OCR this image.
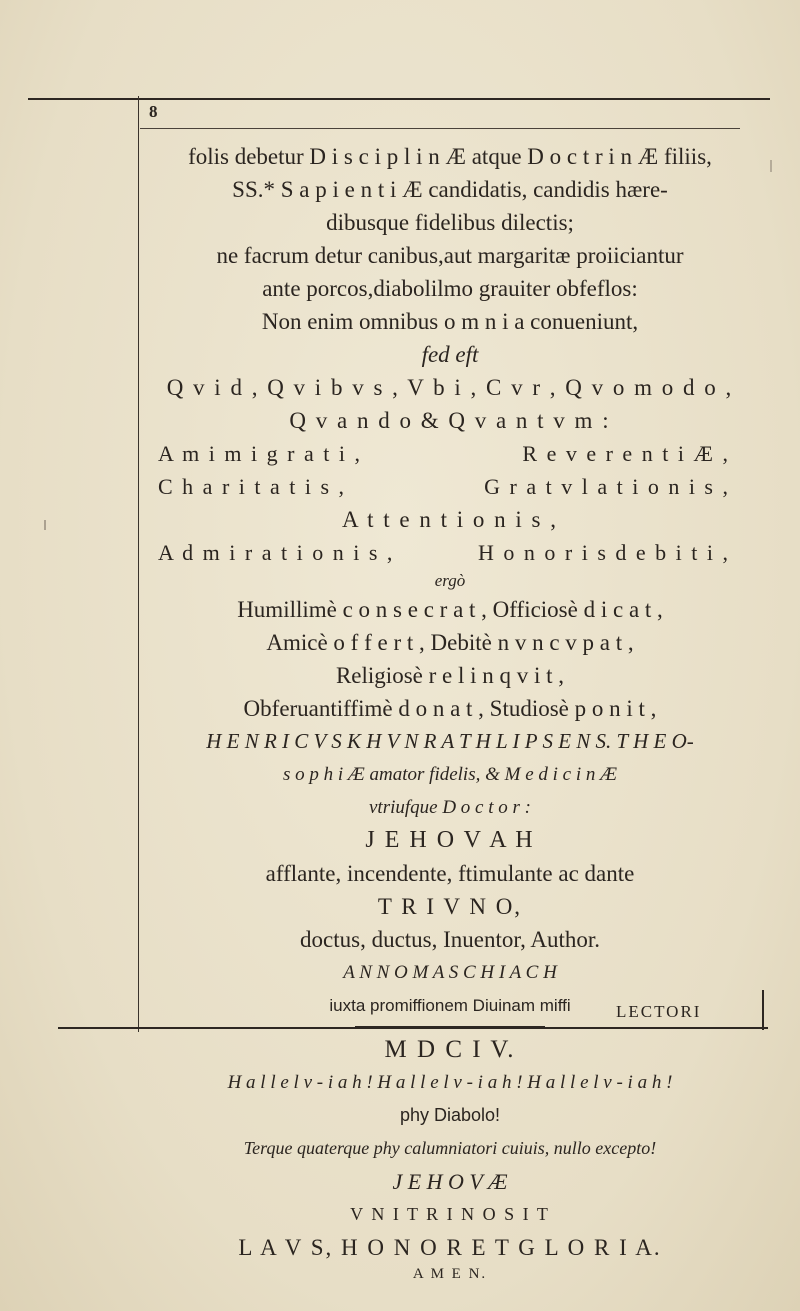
8
folis debetur D i s c i p l i n Æ atque D o c t r i n Æ filiis,
SS.* S a p i e n t i Æ candidatis, candidis hære-
dibusque fidelibus dilectis;
ne facrum detur canibus,aut margaritæ proiiciantur
ante porcos,diabolilmo grauiter obfeflos:
Non enim omnibus o m n i a conueniunt,
fed eft
Q v i d , Q v i b v s , V b i , C v r , Q v o m o d o ,
Q v a n d o & Q v a n t v m :
A m i m i g r a t i ,	R e v e r e n t i Æ ,
C h a r i t a t i s ,	G r a t v l a t i o n i s ,
A t t e n t i o n i s ,
A d m i r a t i o n i s ,	H o n o r i s d e b i t i ,
ergò
Humillimè c o n s e c r a t , Officiosè d i c a t ,
Amicè o f f e r t , Debitè n v n c v p a t ,
Religiosè r e l i n q v i t ,
Obferuantiffimè d o n a t , Studiosè p o n i t ,
H E N R I C V S K H V N R A T H L I P S E N S. T H E O-
s o p h i Æ amator fidelis, & M e d i c i n Æ
vtriufque D o c t o r :
J E H O V A H
afflante, incendente, ftimulante ac dante
T R I V N O,
doctus, ductus, Inuentor, Author.
A N N O M A S C H I A C H
iuxta promiffionem Diuinam miffi
M D C I V.
H a l l e l v - i a h ! H a l l e l v - i a h ! H a l l e l v - i a h !
phy Diabolo!
Terque quaterque phy calumniatori cuiuis, nullo excepto!
J E H O V Æ
V N I T R I N O S I T
L A V S, H O N O R E T G L O R I A.
A M E N.
LECTORI
